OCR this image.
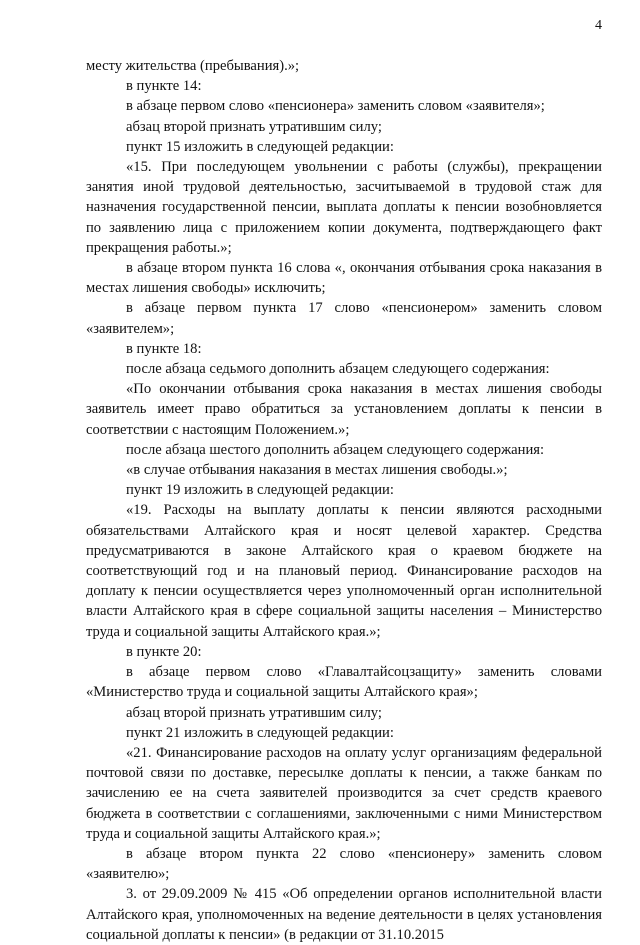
4

месту жительства (пребывания).»;

в пункте 14:

в абзаце первом слово «пенсионера» заменить словом «заявителя»;

абзац второй признать утратившим силу;

пункт 15 изложить в следующей редакции:

«15. При последующем увольнении с работы (службы), прекращении занятия иной трудовой деятельностью, засчитываемой в трудовой стаж для назначения государственной пенсии, выплата доплаты к пенсии возобновляется по заявлению лица с приложением копии документа, подтверждающего факт прекращения работы.»;

в абзаце втором пункта 16 слова «, окончания отбывания срока наказания в местах лишения свободы» исключить;

в абзаце первом пункта 17 слово «пенсионером» заменить словом «заявителем»;

в пункте 18:

после абзаца седьмого дополнить абзацем следующего содержания:

«По окончании отбывания срока наказания в местах лишения свободы заявитель имеет право обратиться за установлением доплаты к пенсии в соответствии с настоящим Положением.»;

после абзаца шестого дополнить абзацем следующего содержания:

«в случае отбывания наказания в местах лишения свободы.»;

пункт 19 изложить в следующей редакции:

«19. Расходы на выплату доплаты к пенсии являются расходными обязательствами Алтайского края и носят целевой характер. Средства предусматриваются в законе Алтайского края о краевом бюджете на соответствующий год и на плановый период. Финансирование расходов на доплату к пенсии осуществляется через уполномоченный орган исполнительной власти Алтайского края в сфере социальной защиты населения – Министерство труда и социальной защиты Алтайского края.»;

в пункте 20:

в абзаце первом слово «Главалтайсоцзащиту» заменить словами «Министерство труда и социальной защиты Алтайского края»;

абзац второй признать утратившим силу;

пункт 21 изложить в следующей редакции:

«21. Финансирование расходов на оплату услуг организациям федеральной почтовой связи по доставке, пересылке доплаты к пенсии, а также банкам по зачислению ее на счета заявителей производится за счет средств краевого бюджета в соответствии с соглашениями, заключенными с ними Министерством труда и социальной защиты Алтайского края.»;

в абзаце втором пункта 22 слово «пенсионеру» заменить словом «заявителю»;

3. от 29.09.2009 № 415 «Об определении органов исполнительной власти Алтайского края, уполномоченных на ведение деятельности в целях установления социальной доплаты к пенсии» (в редакции от 31.10.2015
